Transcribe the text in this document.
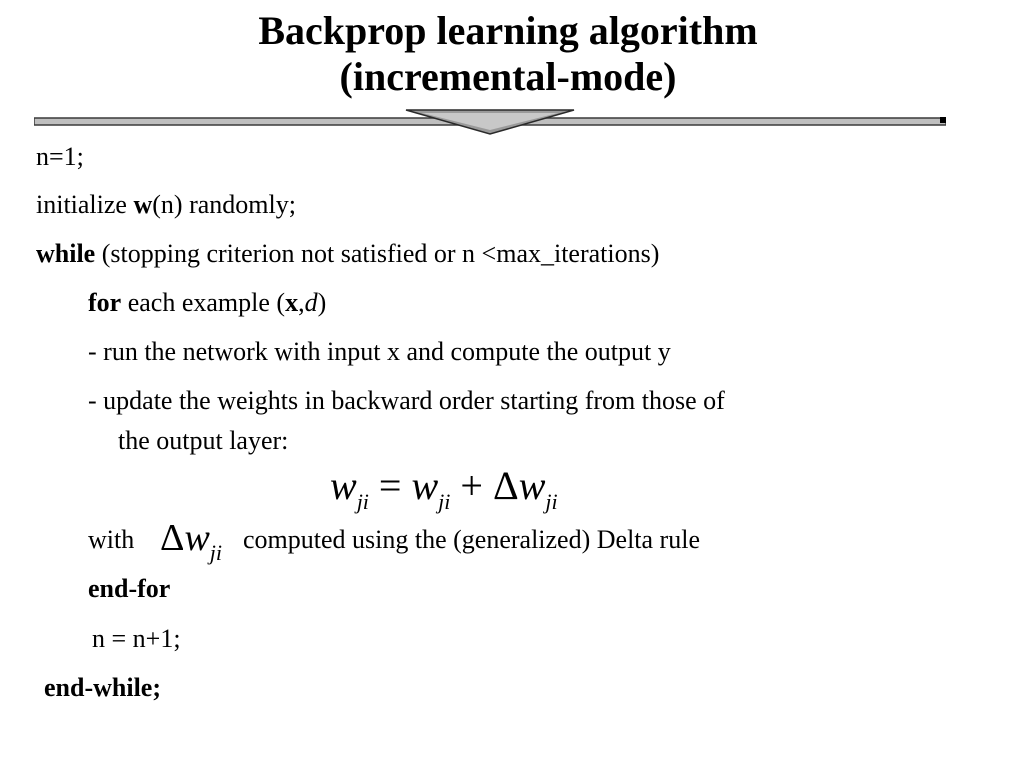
Backprop learning algorithm
(incremental-mode)
n=1;
initialize w(n) randomly;
while (stopping criterion not satisfied or n <max_iterations)
for each example (x,d)
- run the network with input x and compute the output y
- update the weights in backward order starting from those of
the output layer:
$w_{ji} = w_{ji} + \Delta w_{ji}$
with $\Delta w_{ji}$ computed using the (generalized) Delta rule
end-for
n = n+1;
end-while;
